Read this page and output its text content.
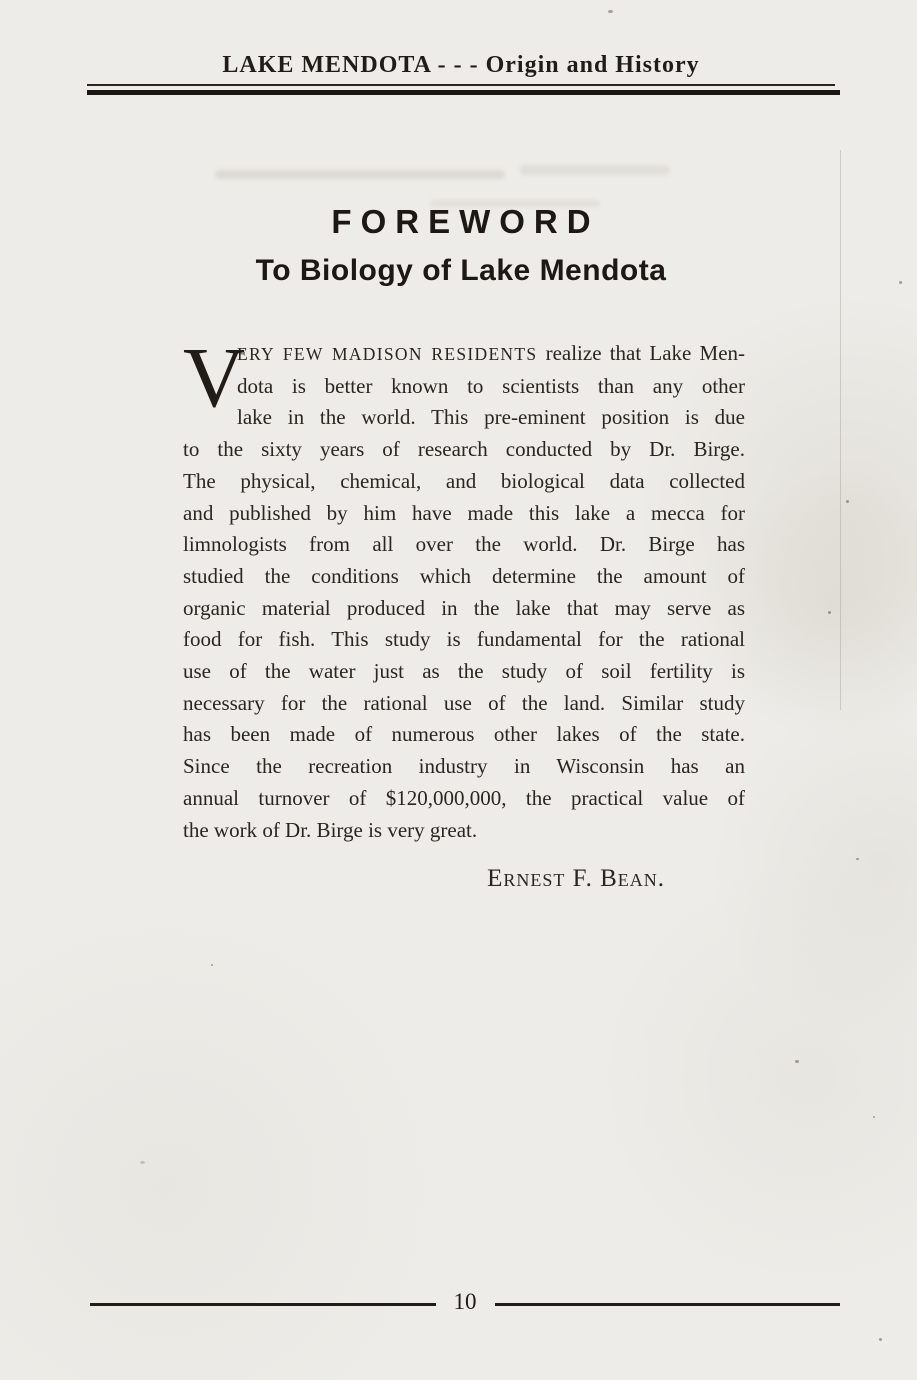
LAKE MENDOTA - - - Origin and History
FOREWORD
To Biology of Lake Mendota
V
ERY FEW MADISON RESIDENTS realize that Lake Men-
dota is better known to scientists than any other
lake in the world. This pre-eminent position is due
to the sixty years of research conducted by Dr. Birge.
The physical, chemical, and biological data collected
and published by him have made this lake a mecca for
limnologists from all over the world. Dr. Birge has
studied the conditions which determine the amount of
organic material produced in the lake that may serve as
food for fish. This study is fundamental for the rational
use of the water just as the study of soil fertility is
necessary for the rational use of the land. Similar study
has been made of numerous other lakes of the state.
Since the recreation industry in Wisconsin has an
annual turnover of $120,000,000, the practical value of
the work of Dr. Birge is very great.
Ernest F. Bean.
10
